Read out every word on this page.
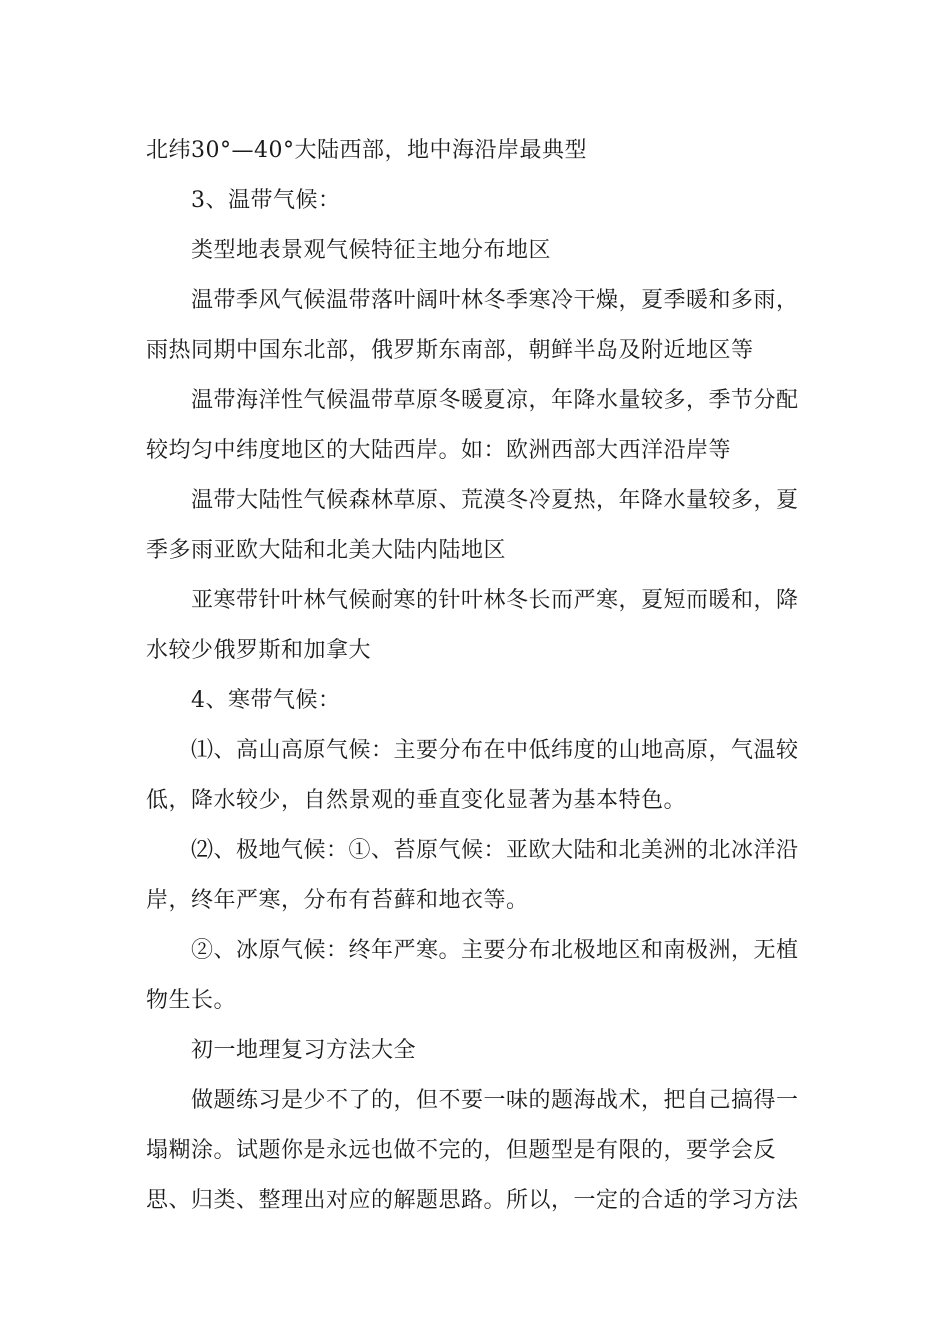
北纬30°—40°大陆西部，地中海沿岸最典型
3、温带气候：
类型地表景观气候特征主地分布地区
温带季风气候温带落叶阔叶林冬季寒冷干燥，夏季暖和多雨，
雨热同期中国东北部，俄罗斯东南部，朝鲜半岛及附近地区等
温带海洋性气候温带草原冬暖夏凉，年降水量较多，季节分配
较均匀中纬度地区的大陆西岸。如：欧洲西部大西洋沿岸等
温带大陆性气候森林草原、荒漠冬冷夏热，年降水量较多，夏
季多雨亚欧大陆和北美大陆内陆地区
亚寒带针叶林气候耐寒的针叶林冬长而严寒，夏短而暖和，降
水较少俄罗斯和加拿大
4、寒带气候：
⑴、高山高原气候：主要分布在中低纬度的山地高原，气温较
低，降水较少，自然景观的垂直变化显著为基本特色。
⑵、极地气候：①、苔原气候：亚欧大陆和北美洲的北冰洋沿
岸，终年严寒，分布有苔藓和地衣等。
②、冰原气候：终年严寒。主要分布北极地区和南极洲，无植
物生长。
初一地理复习方法大全
做题练习是少不了的，但不要一味的题海战术，把自己搞得一
塌糊涂。试题你是永远也做不完的，但题型是有限的，要学会反
思、归类、整理出对应的解题思路。所以，一定的合适的学习方法
